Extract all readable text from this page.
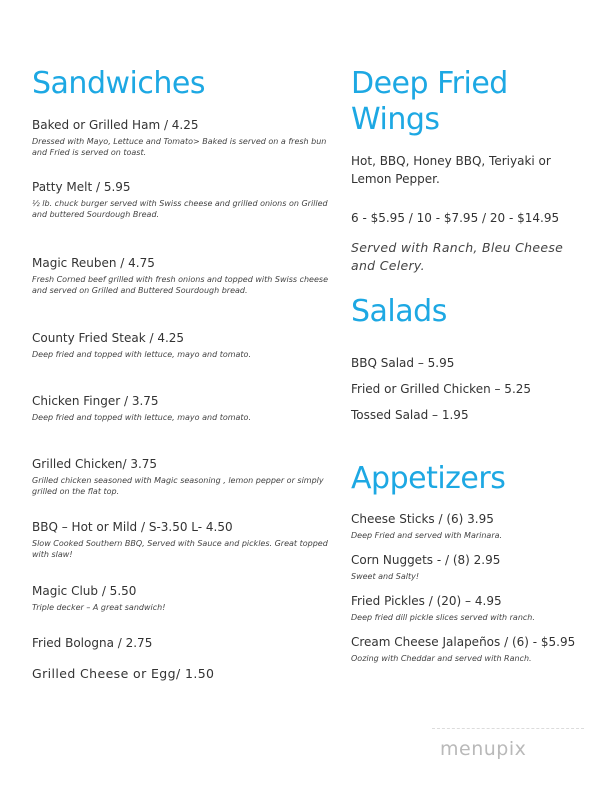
Sandwiches
Baked or Grilled Ham / 4.25
Dressed with Mayo, Lettuce and Tomato> Baked is served on a fresh bun and Fried is served on toast.
Patty Melt / 5.95
½ lb. chuck burger served with Swiss cheese and grilled onions on Grilled and buttered Sourdough Bread.
Magic Reuben / 4.75
Fresh Corned beef grilled with fresh onions and topped with Swiss cheese and served on Grilled and Buttered Sourdough bread.
County Fried Steak / 4.25
Deep fried and topped with lettuce, mayo and tomato.
Chicken Finger / 3.75
Deep fried and topped with lettuce, mayo and tomato.
Grilled Chicken/ 3.75
Grilled chicken seasoned with Magic seasoning , lemon pepper or simply grilled on the flat top.
BBQ – Hot or Mild / S-3.50 L- 4.50
Slow Cooked Southern BBQ, Served with Sauce and pickles. Great topped with slaw!
Magic Club / 5.50
Triple decker – A great sandwich!
Fried Bologna / 2.75
Grilled Cheese or Egg/ 1.50
Deep Fried
Wings
Hot, BBQ, Honey BBQ, Teriyaki or Lemon Pepper.
6 - $5.95 / 10 - $7.95 / 20 - $14.95
Served with Ranch, Bleu Cheese and Celery.
Salads
BBQ Salad – 5.95
Fried or Grilled Chicken – 5.25
Tossed Salad – 1.95
Appetizers
Cheese Sticks / (6) 3.95
Deep Fried and served with Marinara.
Corn Nuggets - / (8) 2.95
Sweet and Salty!
Fried Pickles / (20) – 4.95
Deep fried dill pickle slices served with ranch.
Cream Cheese Jalapeños / (6) - $5.95
Oozing with Cheddar and served with Ranch.
menupix
